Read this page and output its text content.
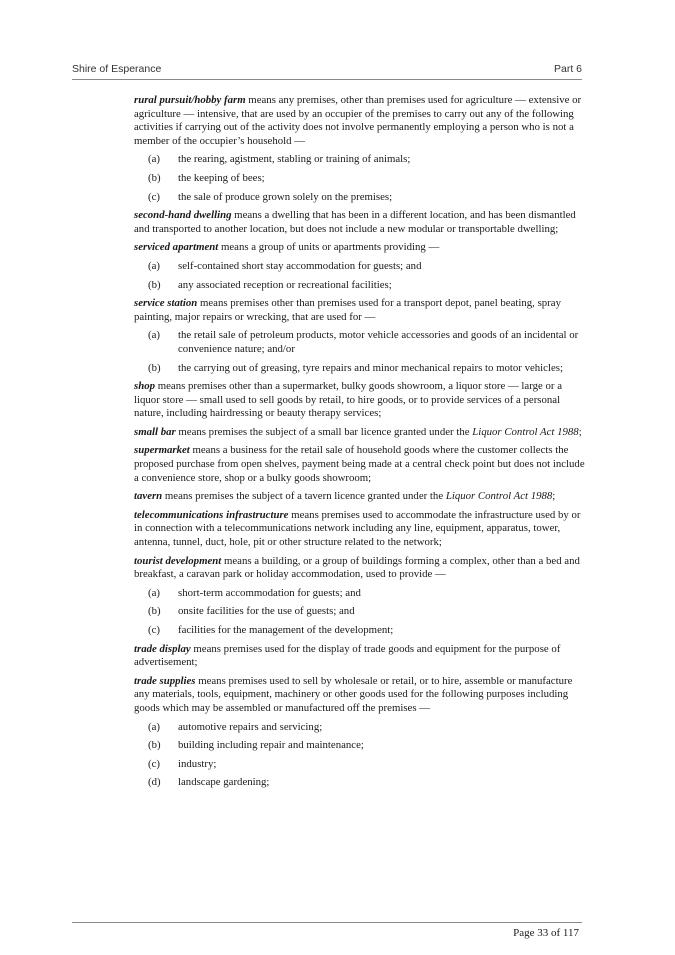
Shire of Esperance	Part 6

rural pursuit/hobby farm means any premises, other than premises used for agriculture — extensive or agriculture — intensive, that are used by an occupier of the premises to carry out any of the following activities if carrying out of the activity does not involve permanently employing a person who is not a member of the occupier’s household —

(a) the rearing, agistment, stabling or training of animals;
(b) the keeping of bees;
(c) the sale of produce grown solely on the premises;

second-hand dwelling means a dwelling that has been in a different location, and has been dismantled and transported to another location, but does not include a new modular or transportable dwelling;

serviced apartment means a group of units or apartments providing —

(a) self-contained short stay accommodation for guests; and
(b) any associated reception or recreational facilities;

service station means premises other than premises used for a transport depot, panel beating, spray painting, major repairs or wrecking, that are used for —

(a) the retail sale of petroleum products, motor vehicle accessories and goods of an incidental or convenience nature; and/or
(b) the carrying out of greasing, tyre repairs and minor mechanical repairs to motor vehicles;

shop means premises other than a supermarket, bulky goods showroom, a liquor store — large or a liquor store — small used to sell goods by retail, to hire goods, or to provide services of a personal nature, including hairdressing or beauty therapy services;

small bar means premises the subject of a small bar licence granted under the Liquor Control Act 1988;

supermarket means a business for the retail sale of household goods where the customer collects the proposed purchase from open shelves, payment being made at a central check point but does not include a convenience store, shop or a bulky goods showroom;

tavern means premises the subject of a tavern licence granted under the Liquor Control Act 1988;

telecommunications infrastructure means premises used to accommodate the infrastructure used by or in connection with a telecommunications network including any line, equipment, apparatus, tower, antenna, tunnel, duct, hole, pit or other structure related to the network;

tourist development means a building, or a group of buildings forming a complex, other than a bed and breakfast, a caravan park or holiday accommodation, used to provide —

(a) short-term accommodation for guests; and
(b) onsite facilities for the use of guests; and
(c) facilities for the management of the development;

trade display means premises used for the display of trade goods and equipment for the purpose of advertisement;

trade supplies means premises used to sell by wholesale or retail, or to hire, assemble or manufacture any materials, tools, equipment, machinery or other goods used for the following purposes including goods which may be assembled or manufactured off the premises —

(a) automotive repairs and servicing;
(b) building including repair and maintenance;
(c) industry;
(d) landscape gardening;
Page 33 of 117
